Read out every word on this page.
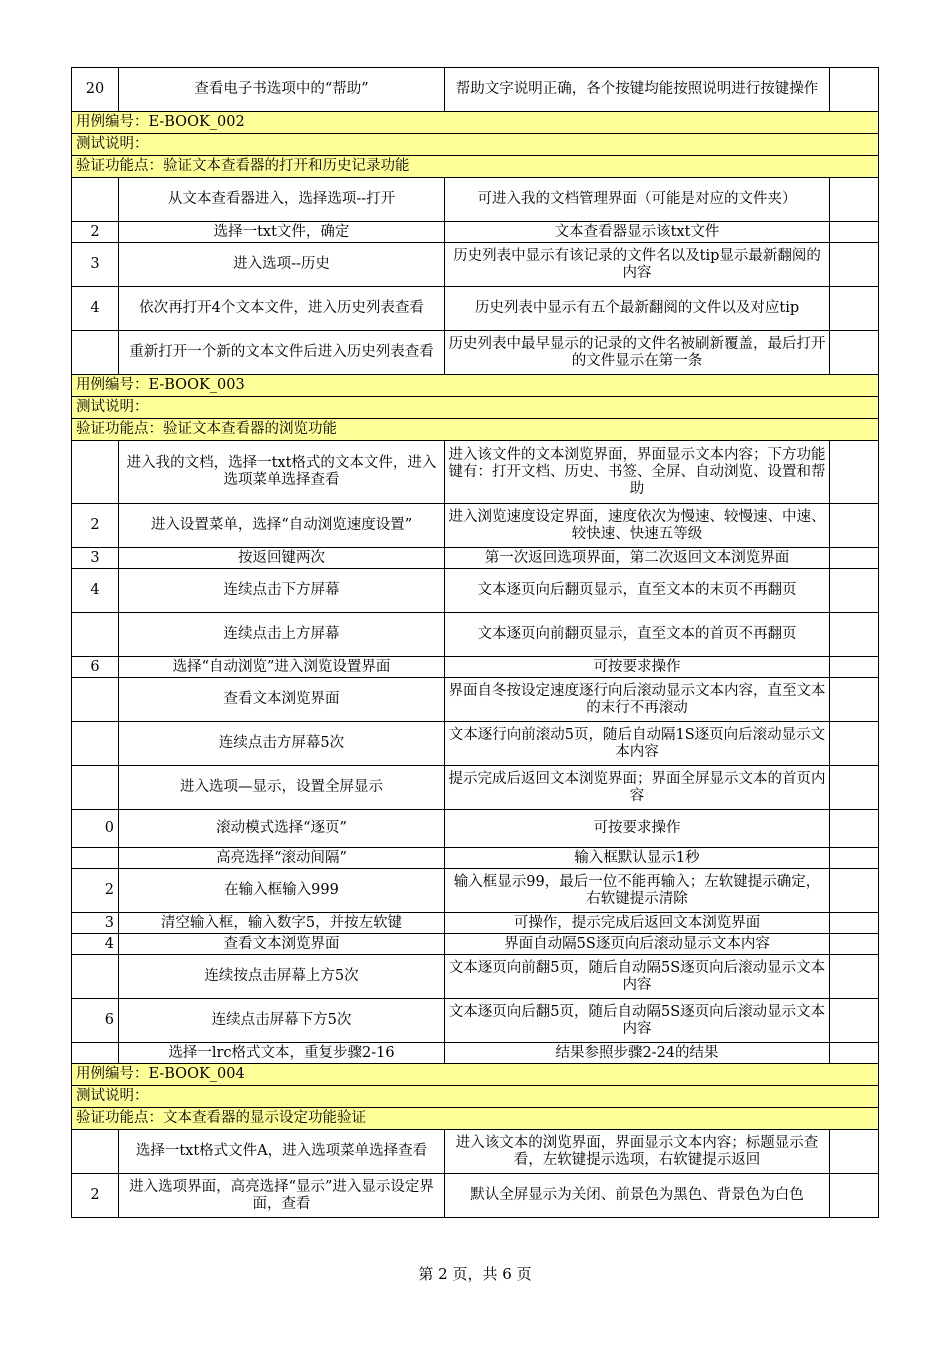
20	查看电子书选项中的“帮助”	帮助文字说明正确，各个按键均能按照说明进行按键操作	
用例编号：E-BOOK_002			
测试说明：			
验证功能点：验证文本查看器的打开和历史记录功能			
	从文本查看器进入，选择选项--打开	可进入我的文档管理界面（可能是对应的文件夹）	
2	选择一txt文件，确定	文本查看器显示该txt文件	
3	进入选项--历史	历史列表中显示有该记录的文件名以及tip显示最新翻阅的内容	
4	依次再打开4个文本文件，进入历史列表查看	历史列表中显示有五个最新翻阅的文件以及对应tip	
	重新打开一个新的文本文件后进入历史列表查看	历史列表中最早显示的记录的文件名被刷新覆盖，最后打开的文件显示在第一条	
用例编号：E-BOOK_003			
测试说明：			
验证功能点：验证文本查看器的浏览功能			
	进入我的文档，选择一txt格式的文本文件，进入选项菜单选择查看	进入该文件的文本浏览界面，界面显示文本内容；下方功能键有：打开文档、历史、书签、全屏、自动浏览、设置和帮助	
2	进入设置菜单，选择“自动浏览速度设置”	进入浏览速度设定界面，速度依次为慢速、较慢速、中速、较快速、快速五等级	
3	按返回键两次	第一次返回选项界面，第二次返回文本浏览界面	
4	连续点击下方屏幕	文本逐页向后翻页显示，直至文本的末页不再翻页	
	连续点击上方屏幕	文本逐页向前翻页显示，直至文本的首页不再翻页	
6	选择“自动浏览”进入浏览设置界面	可按要求操作	
	查看文本浏览界面	界面自冬按设定速度逐行向后滚动显示文本内容，直至文本的末行不再滚动	
	连续点击方屏幕5次	文本逐行向前滚动5页，随后自动隔1S逐页向后滚动显示文本内容	
	进入选项—显示，设置全屏显示	提示完成后返回文本浏览界面；界面全屏显示文本的首页内容	
0	滚动模式选择“逐页”	可按要求操作	
	高亮选择“滚动间隔”	输入框默认显示1秒	
2	在输入框输入999	输入框显示99，最后一位不能再输入；左软键提示确定，右软键提示清除	
3	清空输入框，输入数字5，并按左软键	可操作，提示完成后返回文本浏览界面	
4	查看文本浏览界面	界面自动隔5S逐页向后滚动显示文本内容	
	连续按点击屏幕上方5次	文本逐页向前翻5页，随后自动隔5S逐页向后滚动显示文本内容	
6	连续点击屏幕下方5次	文本逐页向后翻5页，随后自动隔5S逐页向后滚动显示文本内容	
	选择一lrc格式文本，重复步骤2-16	结果参照步骤2-24的结果	
用例编号：E-BOOK_004			
测试说明：			
验证功能点：文本查看器的显示设定功能验证			
	选择一txt格式文件A，进入选项菜单选择查看	进入该文本的浏览界面，界面显示文本内容；标题显示查看，左软键提示选项，右软键提示返回	
2	进入选项界面，高亮选择“显示”进入显示设定界面，查看	默认全屏显示为关闭、前景色为黑色、背景色为白色	
第 2 页，共 6 页
